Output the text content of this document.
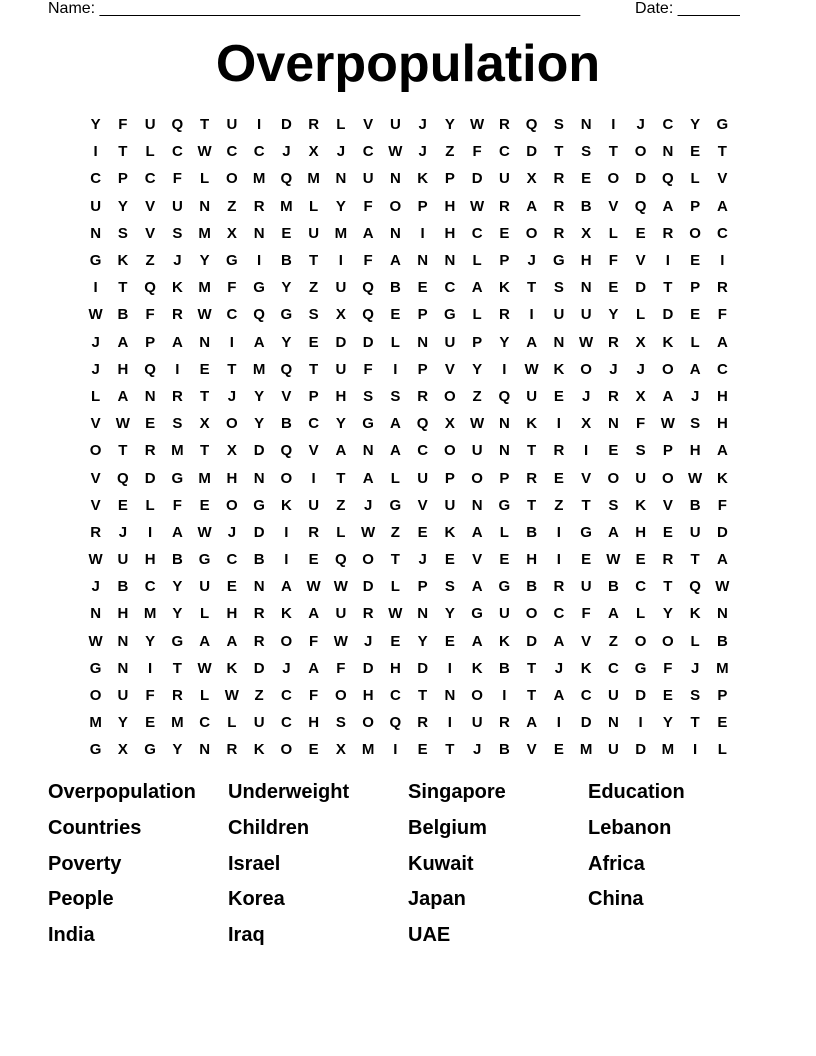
Name: ______________________________________________________	Date: _______
Overpopulation
Y	F	U	Q	T	U	I	D	R	L	V	U	J	Y	W R	Q	S	N	I	J	C	Y	G
I	T	L	C W C	C	J	X	J	C W	J	Z	F	C	D	T	S	T	O	N	E	T
C	P	C	F	L	O	M	Q	M	N	U	N	K	P	D	U	X	R	E	O	D	Q	L	V
U	Y	V	U	N	Z	R	M	L	Y	F	O	P	H W R	A	R	B	V	Q	A	P	A
N	S	V	S	M	X	N	E	U	M	A	N	I	H	C	E	O	R	X	L	E	R	O	C
G	K	Z	J	Y	G	I	B	T	I	F	A	N	N	L	P	J	G	H	F	V	I	E	I
I	T	Q	K	M	F	G	Y	Z	U	Q	B	E	C	A	K	T	S	N	E	D	T	P	R
W B	F	R W C	Q	G	S	X	Q	E	P	G	L	R	I	U	U	Y	L	D	E	F
J	A	P	A	N	I	A	Y	E	D	D	L	N	U	P	Y	A	N W R	X	K	L	A
J	H	Q	I	E	T	M	Q	T	U	F	I	P	V	Y	I	W K	O	J	J	O	A	C
L	A	N	R	T	J	Y	V	P	H	S	S	R	O	Z	Q	U	E	J	R	X	A	J	H
V	W	E	S	X	O	Y	B	C	Y	G	A	Q	X	W N	K	I	X	N	F	W	S	H
O	T	R	M	T	X	D	Q	V	A	N	A	C	O	U	N	T	R	I	E	S	P	H	A
V	Q	D	G	M	H	N	O	I	T	A	L	U	P	O	P	R	E	V	O	U	O W K
V	E	L	F	E	O	G	K	U	Z	J	G	V	U	N	G	T	Z	T	S	K	V	B	F
R	J	I	A W	J	D	I	R	L	W	Z	E	K	A	L	B	I	G	A	H	E	U	D
W U	H	B	G	C	B	I	E	Q	O	T	J	E	V	E	H	I	E	W	E	R	T	A
J	B	C	Y	U	E	N	A W W D	L	P	S	A	G	B	R	U	B	C	T	Q W
N	H	M	Y	L	H	R	K	A	U	R W N	Y	G	U	O	C	F	A	L	Y	K	N
W N	Y	G	A	A	R	O	F	W	J	E	Y	E	A	K	D	A	V	Z	O	O	L	B
G	N	I	T	W K	D	J	A	F	D	H	D	I	K	B	T	J	K	C	G	F	J	M
O	U	F	R	L	W	Z	C	F	O	H	C	T	N	O	I	T	A	C	U	D	E	S	P
M	Y	E	M	C	L	U	C	H	S	O	Q	R	I	U	R	A	I	D	N	I	Y	T	E
G	X	G	Y	N	R	K	O	E	X	M	I	E	T	J	B	V	E	M	U	D	M	I	L
Overpopulation	Underweight	Singapore	Education
Countries	Children	Belgium	Lebanon
Poverty	Israel	Kuwait	Africa
People	Korea	Japan	China
India	Iraq	UAE
